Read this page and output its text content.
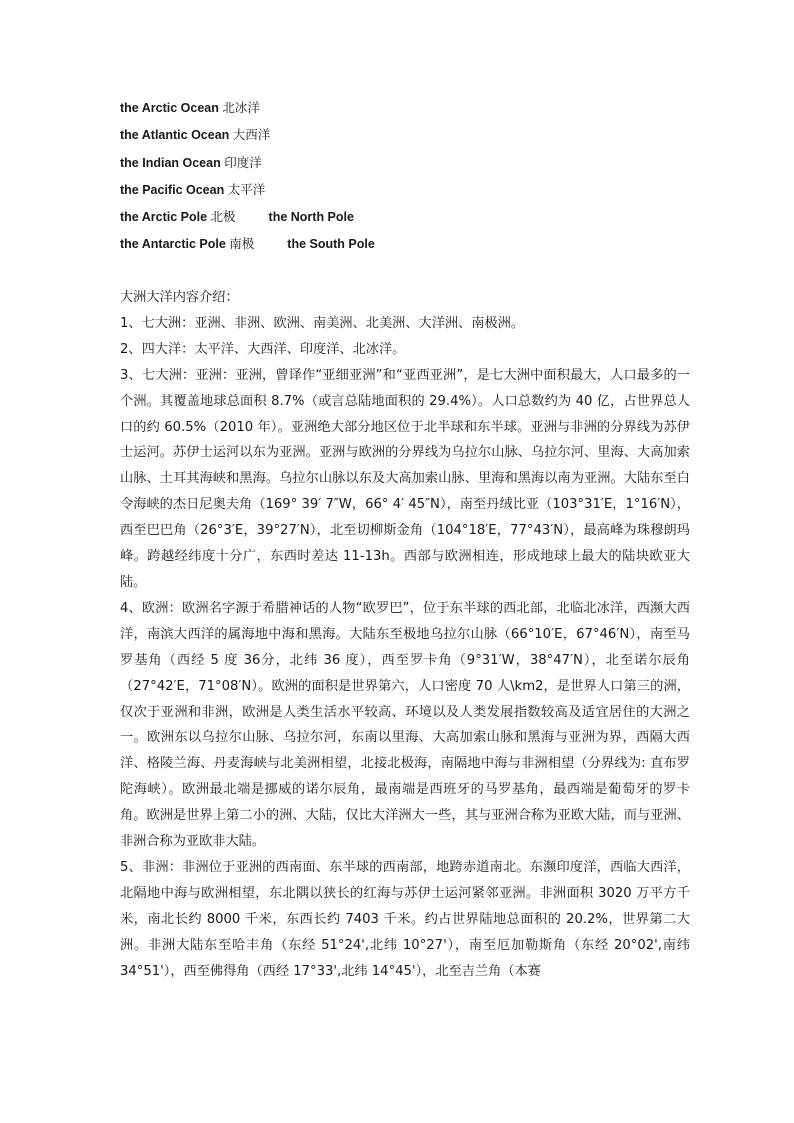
the Arctic Ocean 北冰洋
the Atlantic Ocean 大西洋
the Indian Ocean 印度洋
the Pacific Ocean 太平洋
the Arctic Pole 北极	the North Pole
the Antarctic Pole 南极	the South Pole

大洲大洋内容介绍：

1、七大洲：亚洲、非洲、欧洲、南美洲、北美洲、大洋洲、南极洲。

2、四大洋：太平洋、大西洋、印度洋、北冰洋。

3、七大洲：亚洲：亚洲，曾译作“亚细亚洲”和“亚西亚洲”，是七大洲中面积最大，人口最多的一个洲。其覆盖地球总面积 8.7%（或言总陆地面积的 29.4%）。人口总数约为 40 亿，占世界总人口的约 60.5%（2010 年）。亚洲绝大部分地区位于北半球和东半球。亚洲与非洲的分界线为苏伊士运河。苏伊士运河以东为亚洲。亚洲与欧洲的分界线为乌拉尔山脉、乌拉尔河、里海、大高加索山脉、土耳其海峡和黑海。乌拉尔山脉以东及大高加索山脉、里海和黑海以南为亚洲。大陆东至白令海峡的杰日尼奥夫角（169° 39′ 7″W，66° 4′ 45″N），南至丹绒比亚（103°31′E，1°16′N），西至巴巴角（26°3′E，39°27′N），北至切柳斯金角（104°18′E，77°43′N），最高峰为珠穆朗玛峰。跨越经纬度十分广，东西时差达 11-13h。西部与欧洲相连，形成地球上最大的陆块欧亚大陆。

4、欧洲：欧洲名字源于希腊神话的人物“欧罗巴”，位于东半球的西北部，北临北冰洋，西濒大西洋，南滨大西洋的属海地中海和黑海。大陆东至极地乌拉尔山脉（66°10′E，67°46′N），南至马罗基角（西经 5 度 36分，北纬 36 度），西至罗卡角（9°31′W，38°47′N），北至诺尔辰角（27°42′E，71°08′N）。欧洲的面积是世界第六，人口密度 70 人\km2，是世界人口第三的洲，仅次于亚洲和非洲，欧洲是人类生活水平较高、环境以及人类发展指数较高及适宜居住的大洲之一。欧洲东以乌拉尔山脉、乌拉尔河，东南以里海、大高加索山脉和黑海与亚洲为界，西隔大西洋、格陵兰海、丹麦海峡与北美洲相望，北接北极海，南隔地中海与非洲相望（分界线为: 直布罗陀海峡）。欧洲最北端是挪威的诺尔辰角，最南端是西班牙的马罗基角，最西端是葡萄牙的罗卡角。欧洲是世界上第二小的洲、大陆，仅比大洋洲大一些，其与亚洲合称为亚欧大陆，而与亚洲、非洲合称为亚欧非大陆。

5、非洲：非洲位于亚洲的西南面、东半球的西南部，地跨赤道南北。东濒印度洋，西临大西洋，北隔地中海与欧洲相望，东北隅以狭长的红海与苏伊士运河紧邻亚洲。非洲面积 3020 万平方千米，南北长约 8000 千米，东西长约 7403 千米。约占世界陆地总面积的 20.2%，世界第二大洲。非洲大陆东至哈丰角（东经 51°24',北纬 10°27'），南至厄加勒斯角（东经 20°02',南纬 34°51'），西至佛得角（西经 17°33',北纬 14°45'），北至吉兰角（本赛
